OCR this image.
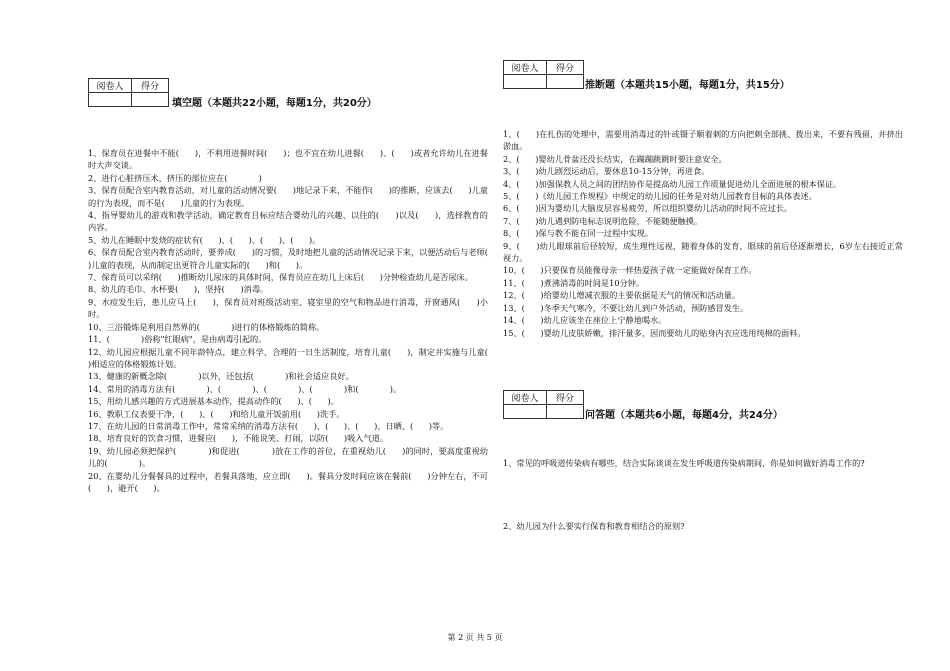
阅卷人	得分

填空题（本题共22小题，每题1分，共20分）

1、保育员在进餐中不能(      )，不利用进餐时间(      )；也不宜在幼儿进餐(      )、(      )或者允许幼儿在进餐时大声交谈。

2、进行心脏挤压术，挤压的部位应在(            )

3、保育员配合室内教育活动，对儿童的活动情况要(      )地记录下来，不能作(      )的推断，应该去(      )儿童的行为表现，而不是(      )儿童的行为表现。

4、指导婴幼儿的游戏和教学活动，确定教育目标应结合婴幼儿的兴趣、以往的(      )以及(      )，选择教育的内容。

5、幼儿在睡眠中发烧的症状有(      )、(      )、(      )、(      )。

6、保育员配合室内教育活动时，要养成(      )的习惯，及时地把儿童的活动情况记录下来，以便活动后与老师(      )儿童的表现，从而制定出更符合儿童实际的(      )和(      )。

7、保育员可以采纳(      )推断幼儿尿床的具体时间，保育员应在幼儿上床后(      )分钟检查幼儿是否尿床。

8、幼儿的毛巾、水杯要(      )，坚持(      )消毒。

9、水痘发生后，患儿应马上(      )，保育员对班级活动室、寝室里的空气和物品进行消毒，开窗通风(      )小时。

10、三浴锻炼是利用自然界的(            )进行的体格锻炼的简称。

11、(            )俗称"红眼病"，是由病毒引起的。

12、幼儿园应根据儿童不同年龄特点，建立科学、合理的一日生活制度，培育儿童(      )，制定并实施与儿童(      )相适应的体格锻炼计划。

13、健康的新概念除(            )以外，还包括(            )和社会适应良好。

14、常用的消毒方法有(            )、(            )、(            )、(            )和(            )。

15、用幼儿感兴趣的方式进展基本动作，提高动作的(      )、(      )。

16、教职工仪表要干净，(      )、(      )和给儿童开饭前用(      )洗手。

17、在幼儿园的日常消毒工作中，常常采纳的消毒方法有(      )、(      )、(      )、日晒、(      )等。

18、培育良好的饮食习惯，进餐应(      )，不能说笑、打闹，以防(      )吸入气道。

19、幼儿园必须把保护(            )和促进(            )放在工作的首位，在重视幼儿(      )的同时，要高度重视幼儿的(            )。

20、在婴幼儿分餐餐具的过程中，若餐具落地，应立即(      )。餐具分发时间应该在餐前(      )分钟左右，不可(      )，避开(      )。

阅卷人	得分

推断题（本题共15小题，每题1分，共15分）

1、(      )在扎伤的处理中，需要用消毒过的针或镊子顺着刺的方向把刺全部挑、拨出来，不要有残留，并挤出淤血。

2、(      )婴幼儿骨盆还没长结实，在蹦蹦跳跳时要注意安全。

3、(      )幼儿剧烈运动后，要休息10-15分钟，再进食。

4、(      )加强保教人员之间的团结协作是提高幼儿园工作质量促进幼儿全面进展的根本保证。

5、(      )《幼儿园工作规程》中规定的幼儿园的任务是对幼儿园教育目标的具体表述。

6、(      )因为婴幼儿大脑皮层容易疲劳，所以组织婴幼儿活动的时间不应过长。

7、(      )幼儿遇到防电标志说明危险，不能随便触摸。

8、(      )保与教不能在同一过程中实现。

9、(      )幼儿眼球前后径较短，成生理性远视，随着身体的发育，眼球的前后径逐渐增长，6岁左右接近正常视力。

10、(      )只要保育员能像母亲一样热爱孩子就一定能做好保育工作。

11、(      )煮沸消毒的时间是10分钟。

12、(      )给婴幼儿增减衣服的主要依据是天气的情况和活动量。

13、(      )冬季天气寒冷，不要让幼儿到户外活动，预防感冒发生。

14、(      )幼儿应该坐在座位上宁静地喝水。

15、(      )婴幼儿皮肤娇嫩，排汗量多，因而要幼儿的贴身内衣应选用纯棉的面料。

阅卷人	得分

问答题（本题共6小题，每题4分，共24分）

1、常见的呼吸道传染病有哪些，结合实际谈谈在发生呼吸道传染病期间，你是如何做好消毒工作的?

2、幼儿园为什么要实行保育和教育相结合的原则?

第 2 页 共 5 页
